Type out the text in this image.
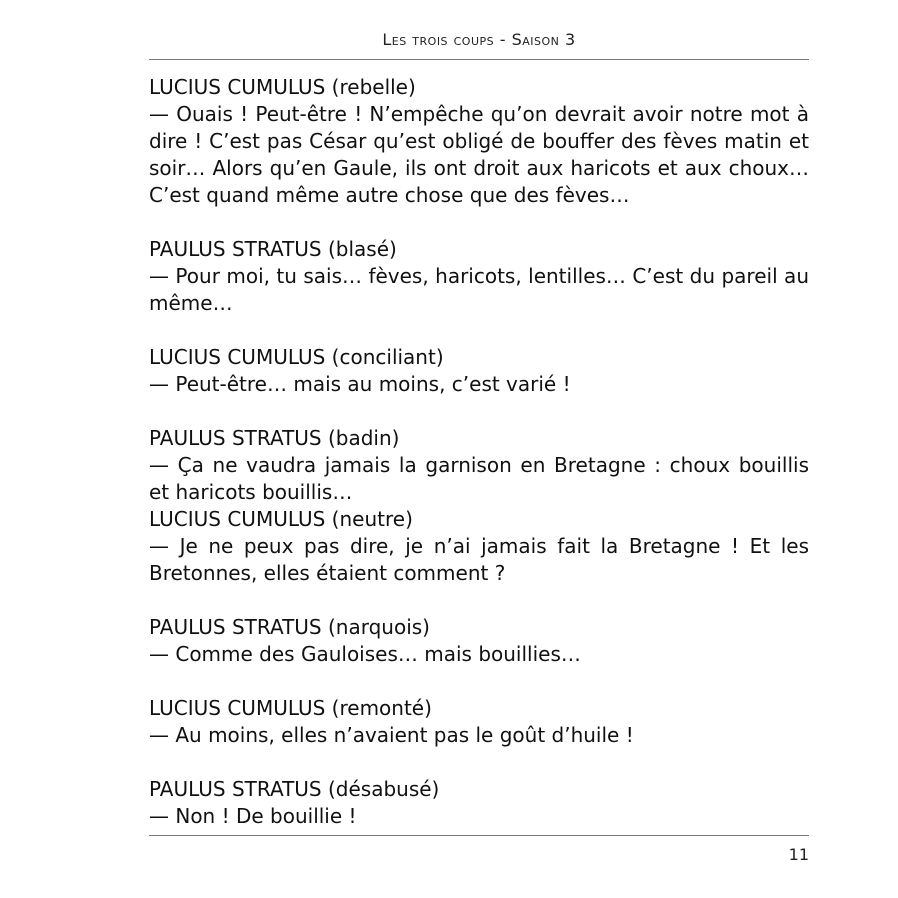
Les trois coups - Saison 3
LUCIUS CUMULUS (rebelle)
— Ouais ! Peut-être ! N’empêche qu’on devrait avoir notre mot à dire ! C’est pas César qu’est obligé de bouffer des fèves matin et soir… Alors qu’en Gaule, ils ont droit aux haricots et aux choux… C’est quand même autre chose que des fèves…
PAULUS STRATUS (blasé)
— Pour moi, tu sais… fèves, haricots, lentilles… C’est du pareil au même…
LUCIUS CUMULUS (conciliant)
— Peut-être… mais au moins, c’est varié !
PAULUS STRATUS (badin)
— Ça ne vaudra jamais la garnison en Bretagne : choux bouillis et haricots bouillis…
LUCIUS CUMULUS (neutre)
— Je ne peux pas dire, je n’ai jamais fait la Bretagne ! Et les Bretonnes, elles étaient comment ?
PAULUS STRATUS (narquois)
— Comme des Gauloises… mais bouillies…
LUCIUS CUMULUS (remonté)
— Au moins, elles n’avaient pas le goût d’huile !
PAULUS STRATUS (désabusé)
— Non ! De bouillie !
11
